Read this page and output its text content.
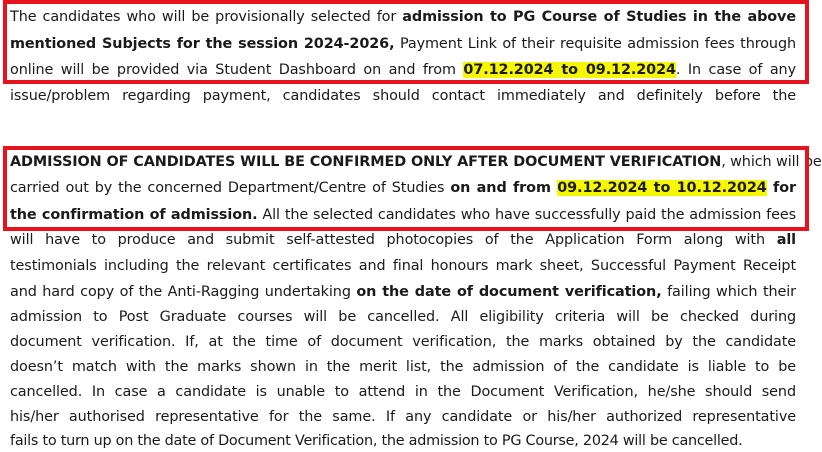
The candidates who will be provisionally selected for admission to PG Course of Studies in the above
mentioned Subjects for the session 2024-2026, Payment Link of their requisite admission fees through
online will be provided via Student Dashboard on and from 07.12.2024 to 09.12.2024. In case of any
issue/problem regarding payment, candidates should contact immediately and definitely before the
ADMISSION OF CANDIDATES WILL BE CONFIRMED ONLY AFTER DOCUMENT VERIFICATION, which will be
carried out by the concerned Department/Centre of Studies on and from 09.12.2024 to 10.12.2024 for
the confirmation of admission. All the selected candidates who have successfully paid the admission fees
will have to produce and submit self-attested photocopies of the Application Form along with all
testimonials including the relevant certificates and final honours mark sheet, Successful Payment Receipt
and hard copy of the Anti-Ragging undertaking on the date of document verification, failing which their
admission to Post Graduate courses will be cancelled. All eligibility criteria will be checked during
document verification. If, at the time of document verification, the marks obtained by the candidate
doesn’t match with the marks shown in the merit list, the admission of the candidate is liable to be
cancelled. In case a candidate is unable to attend in the Document Verification, he/she should send
his/her authorised representative for the same. If any candidate or his/her authorized representative
fails to turn up on the date of Document Verification, the admission to PG Course, 2024 will be cancelled.
